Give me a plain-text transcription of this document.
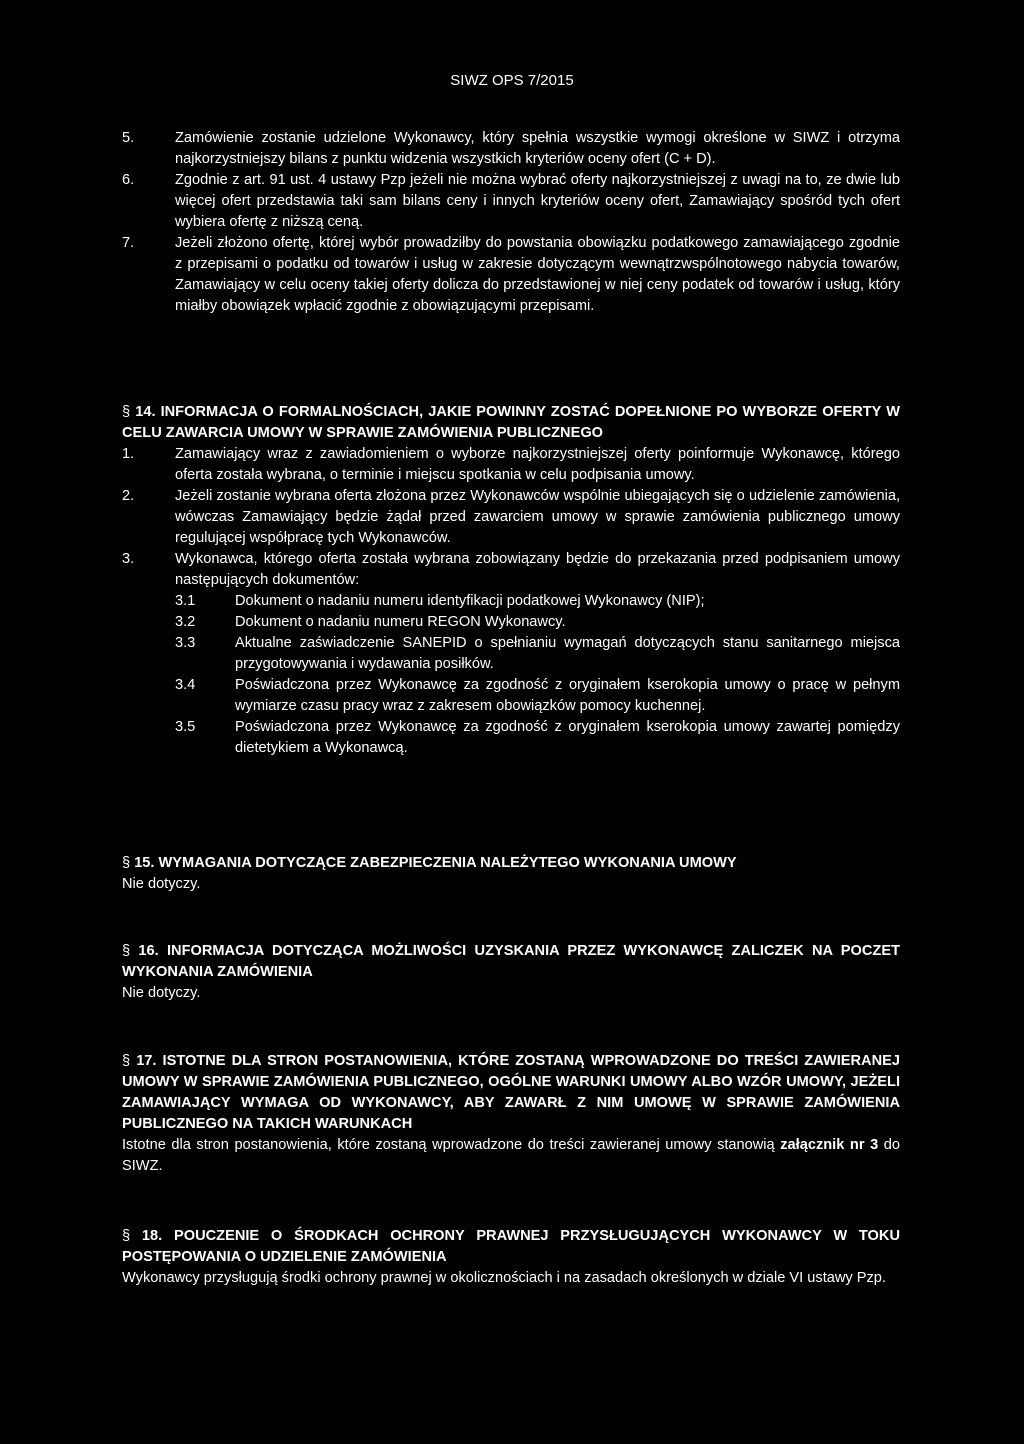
SIWZ OPS 7/2015
5.	Zamówienie zostanie udzielone Wykonawcy, który spełnia wszystkie wymogi określone w SIWZ i otrzyma najkorzystniejszy bilans z punktu widzenia wszystkich kryteriów oceny ofert (C + D).
6.	Zgodnie z art. 91 ust. 4 ustawy Pzp jeżeli nie można wybrać oferty najkorzystniejszej z uwagi na to, ze dwie lub więcej ofert przedstawia taki sam bilans ceny i innych kryteriów oceny ofert, Zamawiający spośród tych ofert wybiera ofertę z niższą ceną.
7.	Jeżeli złożono ofertę, której wybór prowadziłby do powstania obowiązku podatkowego zamawiającego zgodnie z przepisami o podatku od towarów i usług w zakresie dotyczącym wewnątrzwspólnotowego nabycia towarów, Zamawiający w celu oceny takiej oferty dolicza do przedstawionej w niej ceny podatek od towarów i usług, który miałby obowiązek wpłacić zgodnie z obowiązującymi przepisami.
§ 14. INFORMACJA O FORMALNOŚCIACH, JAKIE POWINNY ZOSTAĆ DOPEŁNIONE PO WYBORZE OFERTY W CELU ZAWARCIA UMOWY W SPRAWIE ZAMÓWIENIA PUBLICZNEGO
1.	Zamawiający wraz z zawiadomieniem o wyborze najkorzystniejszej oferty poinformuje Wykonawcę, którego oferta została wybrana, o terminie i miejscu spotkania w celu podpisania umowy.
2.	Jeżeli zostanie wybrana oferta złożona przez Wykonawców wspólnie ubiegających się o udzielenie zamówienia, wówczas Zamawiający będzie żądał przed zawarciem umowy w sprawie zamówienia publicznego umowy regulującej współpracę tych Wykonawców.
3.	Wykonawca, którego oferta została wybrana zobowiązany będzie do przekazania przed podpisaniem umowy następujących dokumentów:
3.1	Dokument o nadaniu numeru identyfikacji podatkowej Wykonawcy (NIP);
3.2	Dokument o nadaniu numeru REGON Wykonawcy.
3.3	Aktualne zaświadczenie SANEPID o spełnianiu wymagań dotyczących stanu sanitarnego miejsca przygotowywania i wydawania posiłków.
3.4	Poświadczona przez Wykonawcę za zgodność z oryginałem kserokopia umowy o pracę w pełnym wymiarze czasu pracy wraz z zakresem obowiązków pomocy kuchennej.
3.5	Poświadczona przez Wykonawcę za zgodność z oryginałem kserokopia umowy zawartej pomiędzy dietetykiem a Wykonawcą.
§ 15. WYMAGANIA DOTYCZĄCE ZABEZPIECZENIA NALEŻYTEGO WYKONANIA UMOWY
Nie dotyczy.
§ 16. INFORMACJA DOTYCZĄCA MOŻLIWOŚCI UZYSKANIA PRZEZ WYKONAWCĘ ZALICZEK NA POCZET WYKONANIA ZAMÓWIENIA
Nie dotyczy.
§ 17. ISTOTNE DLA STRON POSTANOWIENIA, KTÓRE ZOSTANĄ WPROWADZONE DO TREŚCI ZAWIERANEJ UMOWY W SPRAWIE ZAMÓWIENIA PUBLICZNEGO, OGÓLNE WARUNKI UMOWY ALBO WZÓR UMOWY, JEŻELI ZAMAWIAJĄCY WYMAGA OD WYKONAWCY, ABY ZAWARŁ Z NIM UMOWĘ W SPRAWIE ZAMÓWIENIA PUBLICZNEGO NA TAKICH WARUNKACH
Istotne dla stron postanowienia, które zostaną wprowadzone do treści zawieranej umowy stanowią załącznik nr 3 do SIWZ.
§ 18. POUCZENIE O ŚRODKACH OCHRONY PRAWNEJ PRZYSŁUGUJĄCYCH WYKONAWCY W TOKU POSTĘPOWANIA O UDZIELENIE ZAMÓWIENIA
Wykonawcy przysługują środki ochrony prawnej w okolicznościach i na zasadach określonych w dziale VI ustawy Pzp.
